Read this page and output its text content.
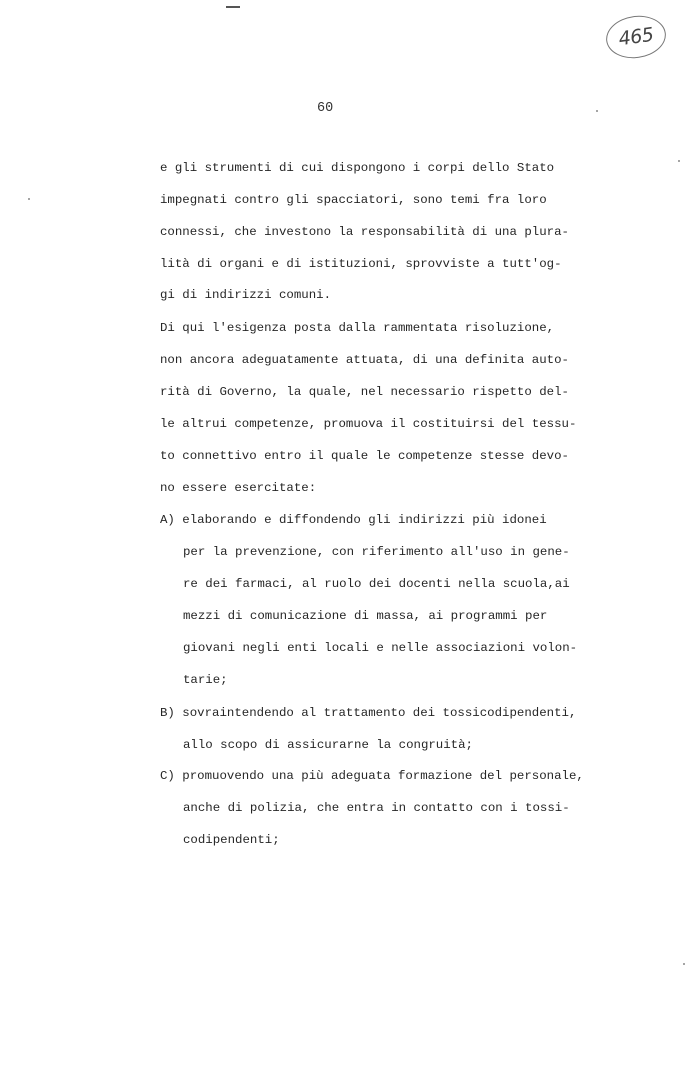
465
60
e gli strumenti di cui dispongono i corpi dello Stato
impegnati contro gli spacciatori, sono temi fra loro
connessi, che investono la responsabilità di una plura-
lità di organi e di istituzioni, sprovviste a tutt'og-
gi di indirizzi comuni.
Di qui l'esigenza posta dalla rammentata risoluzione,
non ancora adeguatamente attuata, di una definita auto-
rità di Governo, la quale, nel necessario rispetto del-
le altrui competenze, promuova il costituirsi del tessu-
to connettivo entro il quale le competenze stesse devo-
no essere esercitate:
A) elaborando e diffondendo gli indirizzi più idonei
per la prevenzione, con riferimento all'uso in gene-
re dei farmaci, al ruolo dei docenti nella scuola,ai
mezzi di comunicazione di massa, ai programmi per
giovani negli enti locali e nelle associazioni volon-
tarie;
B) sovraintendendo al trattamento dei tossicodipendenti,
allo scopo di assicurarne la congruità;
C) promuovendo una più adeguata formazione del personale,
anche di polizia, che entra in contatto con i tossi-
codipendenti;
